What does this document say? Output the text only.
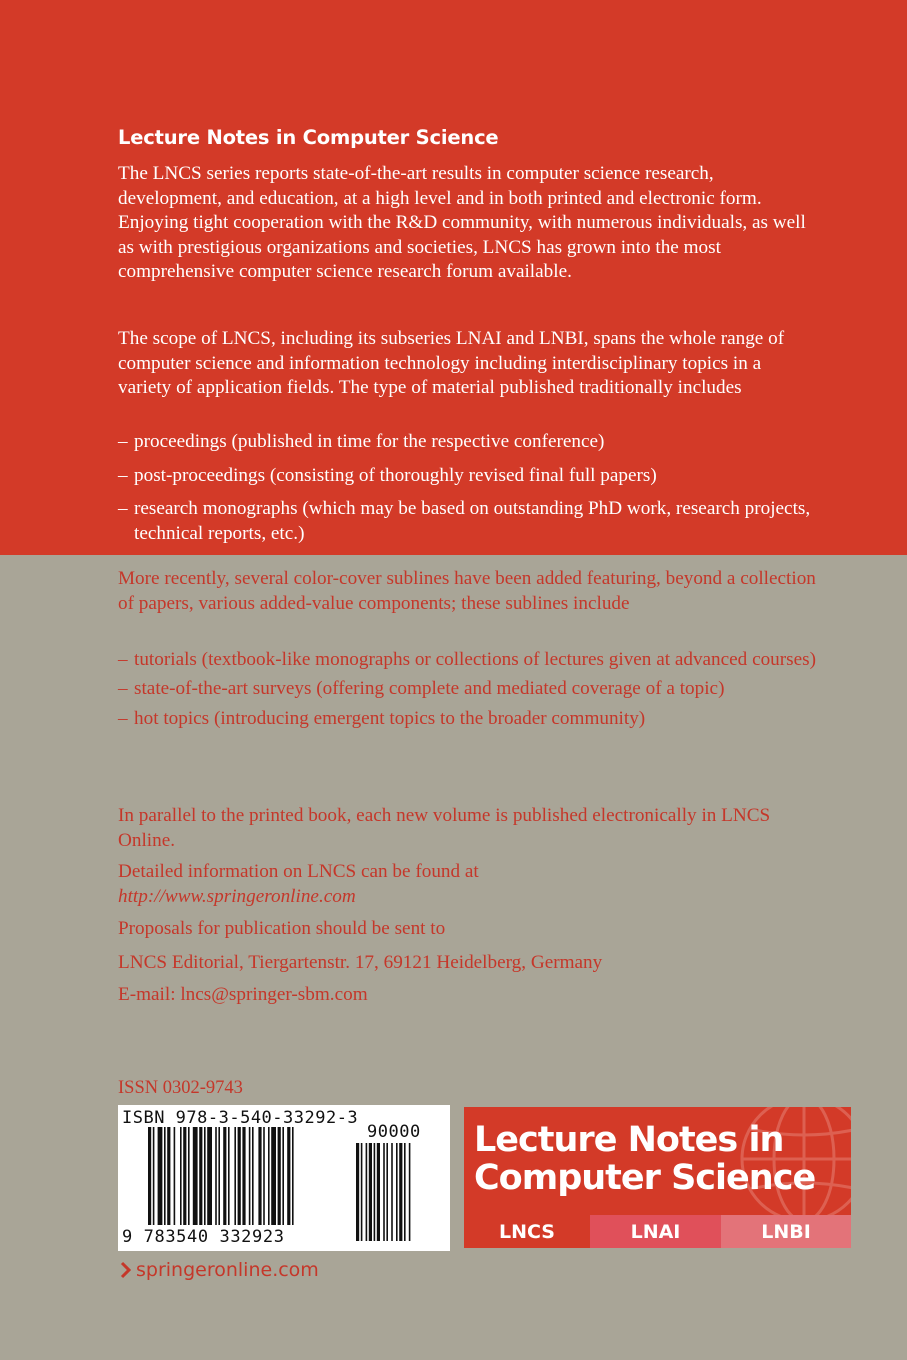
Lecture Notes in Computer Science

The LNCS series reports state-of-the-art results in computer science research, development, and education, at a high level and in both printed and electronic form. Enjoying tight cooperation with the R&D community, with numerous individuals, as well as with prestigious organizations and societies, LNCS has grown into the most comprehensive computer science research forum available.

The scope of LNCS, including its subseries LNAI and LNBI, spans the whole range of computer science and information technology including interdisciplinary topics in a variety of application fields. The type of material published traditionally includes

– proceedings (published in time for the respective conference)
– post-proceedings (consisting of thoroughly revised final full papers)
– research monographs (which may be based on outstanding PhD work, research projects, technical reports, etc.)

More recently, several color-cover sublines have been added featuring, beyond a collection of papers, various added-value components; these sublines include

– tutorials (textbook-like monographs or collections of lectures given at advanced courses)
– state-of-the-art surveys (offering complete and mediated coverage of a topic)
– hot topics (introducing emergent topics to the broader community)

In parallel to the printed book, each new volume is published electronically in LNCS Online.

Detailed information on LNCS can be found at
http://www.springeronline.com

Proposals for publication should be sent to

LNCS Editorial, Tiergartenstr. 17, 69121 Heidelberg, Germany

E-mail: lncs@springer-sbm.com

ISSN 0302-9743
ISBN 978-3-540-33292-3
90000
9 783540 332923
Lecture Notes in Computer Science
LNCS	LNAI	LNBI
springeronline.com
